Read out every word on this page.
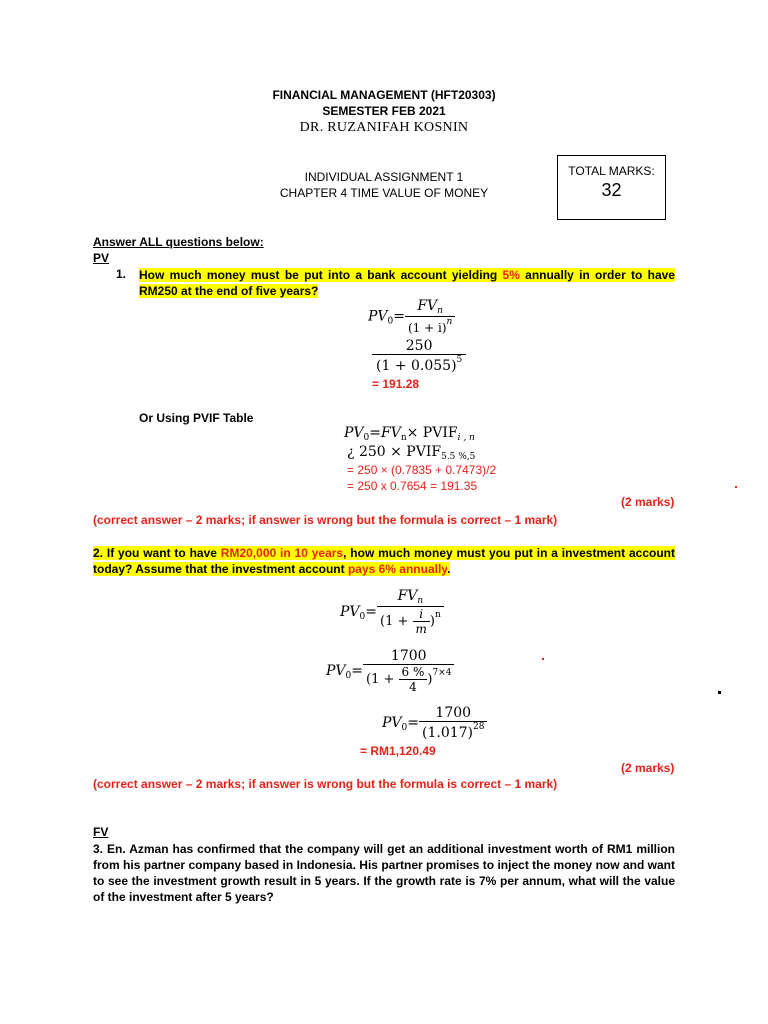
FINANCIAL MANAGEMENT (HFT20303)
SEMESTER FEB 2021
DR. RUZANIFAH KOSNIN
INDIVIDUAL ASSIGNMENT 1
CHAPTER 4 TIME VALUE OF MONEY
TOTAL MARKS:
32
Answer ALL questions below:
PV
1. How much money must be put into a bank account yielding 5% annually in order to have RM250 at the end of five years?

$PV_0= \frac{FV_n}{(1 + i)^n}$
$\frac{250}{(1 + 0.055)^5}$
= 191.28
Or Using PVIF Table
$PV_0=FV_n\times$ $PVIF_{i , n}$
¿ $250 \times PVIF_{5.5 \%,5}$
= 250 × (0.7835 + 0.7473)/2
= 250 x 0.7654 = 191.35
(2 marks)
(correct answer – 2 marks; if answer is wrong but the formula is correct – 1 mark)

2. If you want to have RM20,000 in 10 years, how much money must you put in a investment account today? Assume that the investment account pays 6% annually.

$PV_0= \frac{FV_n}{(1 + \frac{i}{m} )^n}$
$PV_0= \frac{1700}{(1 + \frac{6 \%}{4} )^{7\times 4}}$
$PV_0= \frac{1700}{(1.017)^{28}}$
= RM1,120.49
(2 marks)
(correct answer – 2 marks; if answer is wrong but the formula is correct – 1 mark)
FV

3. En. Azman has confirmed that the company will get an additional investment worth of RM1 million from his partner company based in Indonesia. His partner promises to inject the money now and want to see the investment growth result in 5 years. If the growth rate is 7% per annum, what will the value of the investment after 5 years?
